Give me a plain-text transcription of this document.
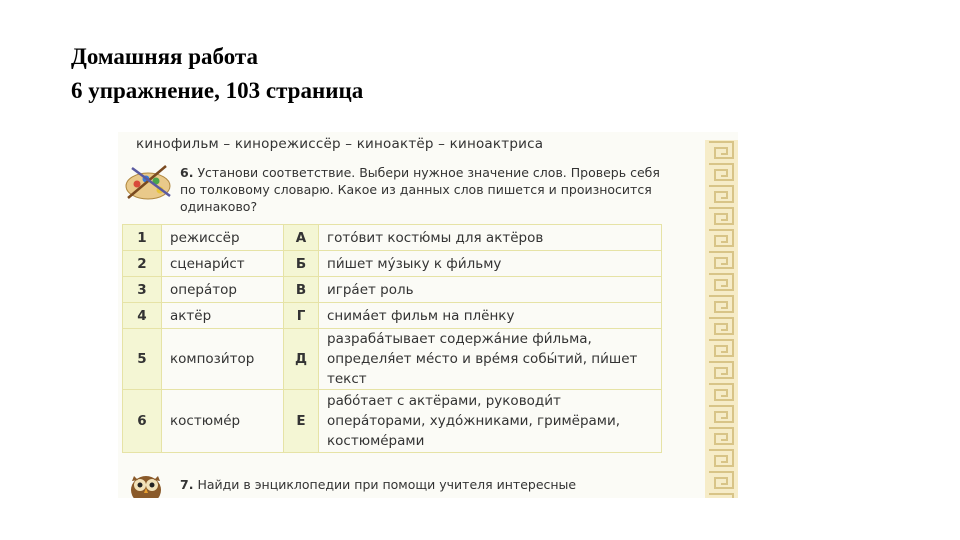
Домашняя работа
6 упражнение, 103 страница
кинофильм – кинорежиссёр – киноактёр – киноактриса
6. Установи соответствие. Выбери нужное значение слов. Проверь себя по толковому словарю. Какое из данных слов пишется и произносится одинаково?
1	режиссёр	А	гото́вит костю́мы для актёров
2	сценари́ст	Б	пи́шет му́зыку к фи́льму
3	опера́тор	В	игра́ет роль
4	актёр	Г	снима́ет фильм на плёнку
5	компози́тор	Д	разраба́тывает содержа́ние фи́льма, определя́ет ме́сто и вре́мя собы́тий, пи́шет текст
6	костюме́р	Е	рабо́тает с актёрами, руководи́т опера́торами, худо́жниками, гримёрами, костюме́рами
7. Найди в энциклопедии при помощи учителя интересные
